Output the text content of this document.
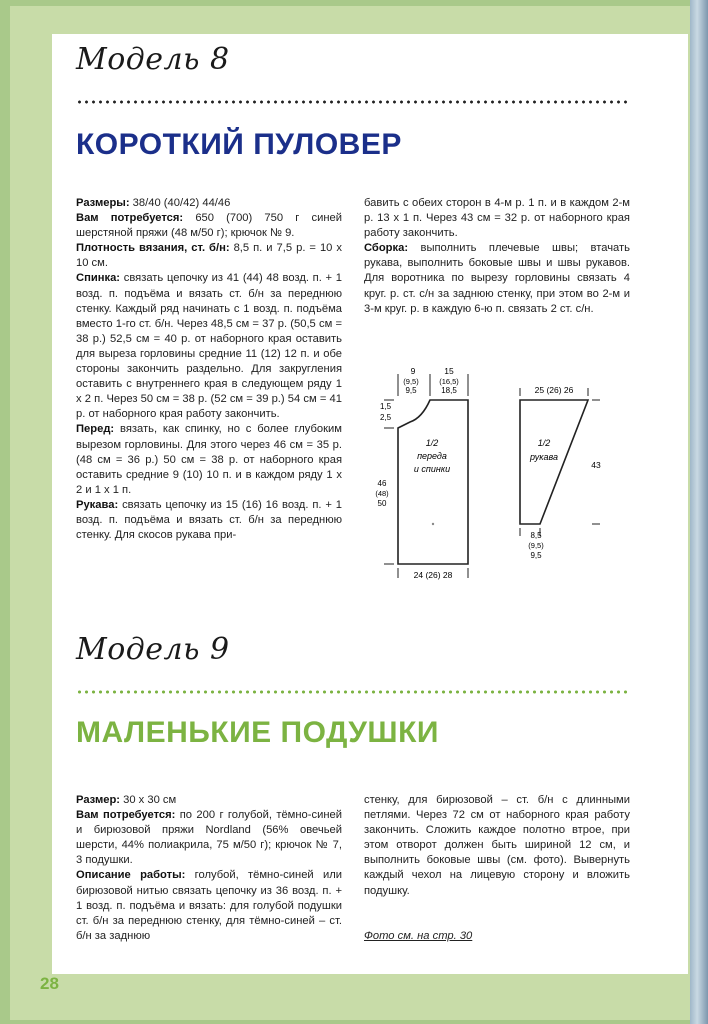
Модель 8
КОРОТКИЙ ПУЛОВЕР

Размеры: 38/40 (40/42) 44/46

Вам потребуется: 650 (700) 750 г синей шерстяной пряжи (48 м/50 г); крючок № 9.

Плотность вязания, ст. б/н: 8,5 п. и 7,5 р. = 10 х 10 см.

Спинка: связать цепочку из 41 (44) 48 возд. п. + 1 возд. п. подъёма и вязать ст. б/н за переднюю стенку. Каждый ряд начинать с 1 возд. п. подъёма вместо 1-го ст. б/н. Через 48,5 см = 37 р. (50,5 см = 38 р.) 52,5 см = 40 р. от наборного края оставить для выреза горловины средние 11 (12) 12 п. и обе стороны закончить раздельно. Для закругления оставить с внутреннего края в следующем ряду 1 х 2 п. Через 50 см = 38 р. (52 см = 39 р.) 54 см = 41 р. от наборного края работу закончить.

Перед: вязать, как спинку, но с более глубоким вырезом горловины. Для этого через 46 см = 35 р. (48 см = 36 р.) 50 см = 38 р. от наборного края оставить средние 9 (10) 10 п. и в каждом ряду 1 х 2 и 1 х 1 п.

Рукава: связать цепочку из 15 (16) 16 возд. п. + 1 возд. п. подъёма и вязать ст. б/н за переднюю стенку. Для скосов рукава при-

бавить с обеих сторон в 4-м р. 1 п. и в каждом 2-м р. 13 х 1 п. Через 43 см = 32 р. от наборного края работу закончить.

Сборка: выполнить плечевые швы; втачать рукава, выполнить боковые швы и швы рукавов. Для воротника по вырезу горловины связать 4 круг. р. ст. с/н за заднюю стенку, при этом во 2-м и 3-м круг. р. в каждую 6-ю п. связать 2 ст. с/н.

9
(9,5)
9,5
15
(16,5)
18,5
1,5
2,5
46
(48)
50
24 (26) 28
1/2
переда
и спинки
25 (26) 26
43
8,5
(9,5)
9,5
1/2
рукава
Модель 9
МАЛЕНЬКИЕ ПОДУШКИ

Размер: 30 х 30 см

Вам потребуется: по 200 г голубой, тёмно-синей и бирюзовой пряжи Nordland (56% овечьей шерсти, 44% полиакрила, 75 м/50 г); крючок № 7, 3 подушки.

Описание работы: голубой, тёмно-синей или бирюзовой нитью связать цепочку из 36 возд. п. + 1 возд. п. подъёма и вязать: для голубой подушки ст. б/н за переднюю стенку, для тёмно-синей – ст. б/н за заднюю

стенку, для бирюзовой – ст. б/н с длинными петлями. Через 72 см от наборного края работу закончить. Сложить каждое полотно втрое, при этом отворот должен быть шириной 12 см, и выполнить боковые швы (см. фото). Вывернуть каждый чехол на лицевую сторону и вложить подушку.

Фото см. на стр. 30
28
